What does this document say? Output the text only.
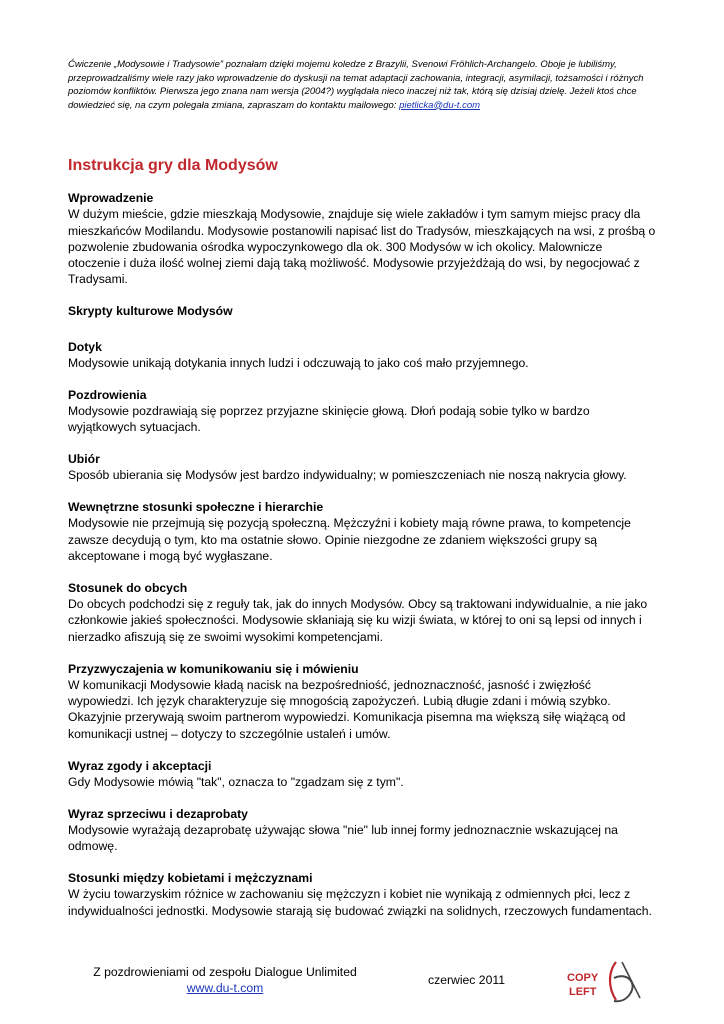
Ćwiczenie „Modysowie i Tradysowie” poznałam dzięki mojemu koledze z Brazylii, Svenowi Fröhlich-Archangelo. Oboje je lubiliśmy, przeprowadzaliśmy wiele razy jako wprowadzenie do dyskusji na temat adaptacji zachowania, integracji, asymilacji, tożsamości i różnych poziomów konfliktów. Pierwsza jego znana nam wersja (2004?) wyglądała nieco inaczej niż tak, którą się dzisiaj dzielę. Jeżeli ktoś chce dowiedzieć się, na czym polegała zmiana, zapraszam do kontaktu mailowego: pietlicka@du-t.com
Instrukcja gry dla Modysów
Wprowadzenie

W dużym mieście, gdzie mieszkają Modysowie, znajduje się wiele zakładów i tym samym miejsc pracy dla mieszkańców Modilandu. Modysowie postanowili napisać list do Tradysów, mieszkających na wsi, z prośbą o pozwolenie zbudowania ośrodka wypoczynkowego dla ok. 300 Modysów w ich okolicy. Malownicze otoczenie i duża ilość wolnej ziemi dają taką możliwość. Modysowie przyjeżdżają do wsi, by negocjować z Tradysami.

Skrypty kulturowe Modysów
Dotyk

Modysowie unikają dotykania innych ludzi i odczuwają to jako coś mało przyjemnego.

Pozdrowienia

Modysowie pozdrawiają się poprzez przyjazne skinięcie głową. Dłoń podają sobie tylko w bardzo wyjątkowych sytuacjach.

Ubiór

Sposób ubierania się Modysów jest bardzo indywidualny; w pomieszczeniach nie noszą nakrycia głowy.

Wewnętrzne stosunki społeczne i hierarchie

Modysowie nie przejmują się pozycją społeczną. Mężczyźni i kobiety mają równe prawa, to kompetencje zawsze decydują o tym, kto ma ostatnie słowo. Opinie niezgodne ze zdaniem większości grupy są akceptowane i mogą być wygłaszane.

Stosunek do obcych

Do obcych podchodzi się z reguły tak, jak do innych Modysów. Obcy są traktowani indywidualnie, a nie jako członkowie jakieś społeczności. Modysowie skłaniają się ku wizji świata, w której to oni są lepsi od innych i nierzadko afiszują się ze swoimi wysokimi kompetencjami.

Przyzwyczajenia w komunikowaniu się i mówieniu

W komunikacji Modysowie kładą nacisk na bezpośredniość, jednoznaczność, jasność i zwięzłość wypowiedzi. Ich język charakteryzuje się mnogością zapożyczeń. Lubią długie zdani i mówią szybko. Okazyjnie przerywają swoim partnerom wypowiedzi. Komunikacja pisemna ma większą siłę wiążącą od komunikacji ustnej – dotyczy to szczególnie ustaleń i umów.

Wyraz zgody i akceptacji

Gdy Modysowie mówią "tak", oznacza to "zgadzam się z tym".

Wyraz sprzeciwu i dezaprobaty

Modysowie wyrażają dezaprobatę używając słowa "nie" lub innej formy jednoznacznie wskazującej na odmowę.

Stosunki między kobietami i mężczyznami

W życiu towarzyskim różnice w zachowaniu się mężczyzn i kobiet nie wynikają z odmiennych płci, lecz z indywidualności jednostki. Modysowie starają się budować związki na solidnych, rzeczowych fundamentach.

Z pozdrowieniami od zespołu Dialogue Unlimited
www.du-t.com
czerwiec 2011	COPY
LEFT
